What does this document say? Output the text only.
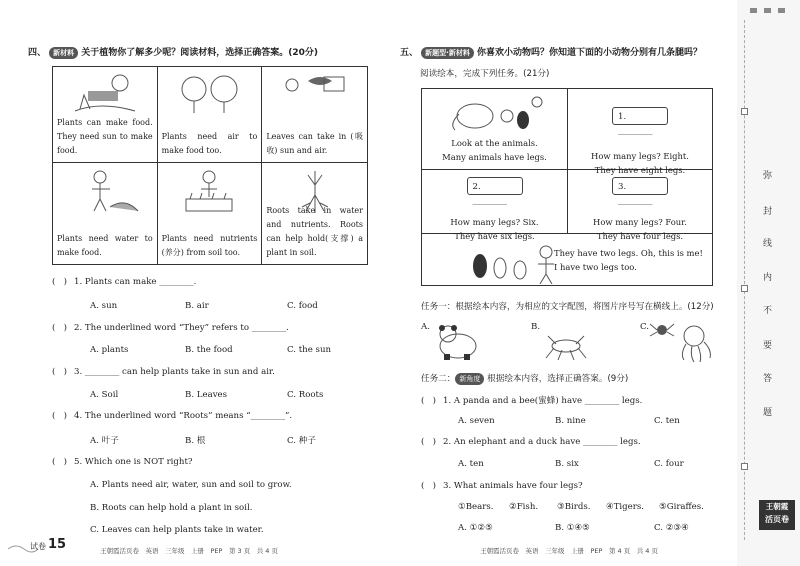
四、 新材料 关于植物你了解多少呢？阅读材料，选择正确答案。(20分)
Plants can make food. They need sun to make food.	Plants need air to make food too.	Leaves can take in (吸收) sun and air.

Plants need water to make food.	Plants need nutrients (养分) from soil too.	Roots take in water and nutrients. Roots can help hold(支撑) a plant in soil.
( ) 1. Plants can make ________.
A. sun	B. air	C. food
( ) 2. The underlined word “They” refers to ________.
A. plants	B. the food	C. the sun
( ) 3. ________ can help plants take in sun and air.
A. Soil	B. Leaves	C. Roots
( ) 4. The underlined word “Roots” means “________”.
A. 叶子	B. 根	C. 种子
( ) 5. Which one is NOT right?
A. Plants need air, water, sun and soil to grow.
B. Roots can help hold a plant in soil.
C. Leaves can help plants take in water.
试卷 15	王朝霞活页卷　英语　三年级　上册　PEP　第 3 页　共 4 页
五、 新题型·新材料 你喜欢小动物吗？你知道下面的小动物分别有几条腿吗？
阅读绘本，完成下列任务。(21分)
Look at the animals.
Many animals have legs.
1. ________
How many legs? Eight.
They have eight legs.
2. ________
How many legs? Six.
They have six legs.
3. ________
How many legs? Four.
They have four legs.
They have two legs. Oh, this is me!
I have two legs too.
任务一：根据绘本内容，为相应的文字配图，将图片序号写在横线上。(12分)
A.	B.	C.
任务二： 新角度 根据绘本内容，选择正确答案。(9分)
( ) 1. A panda and a bee(蜜蜂) have ________ legs.
A. seven	B. nine	C. ten
( ) 2. An elephant and a duck have ________ legs.
A. ten	B. six	C. four
( ) 3. What animals have four legs?
①Bears. ②Fish. ③Birds. ④Tigers. ⑤Giraffes.
A. ①②⑤	B. ①④⑤	C. ②③④
王朝霞活页卷　英语　三年级　上册　PEP　第 4 页　共 4 页
弥
封
线
内
不
要
答
题
王朝霞
活页卷
